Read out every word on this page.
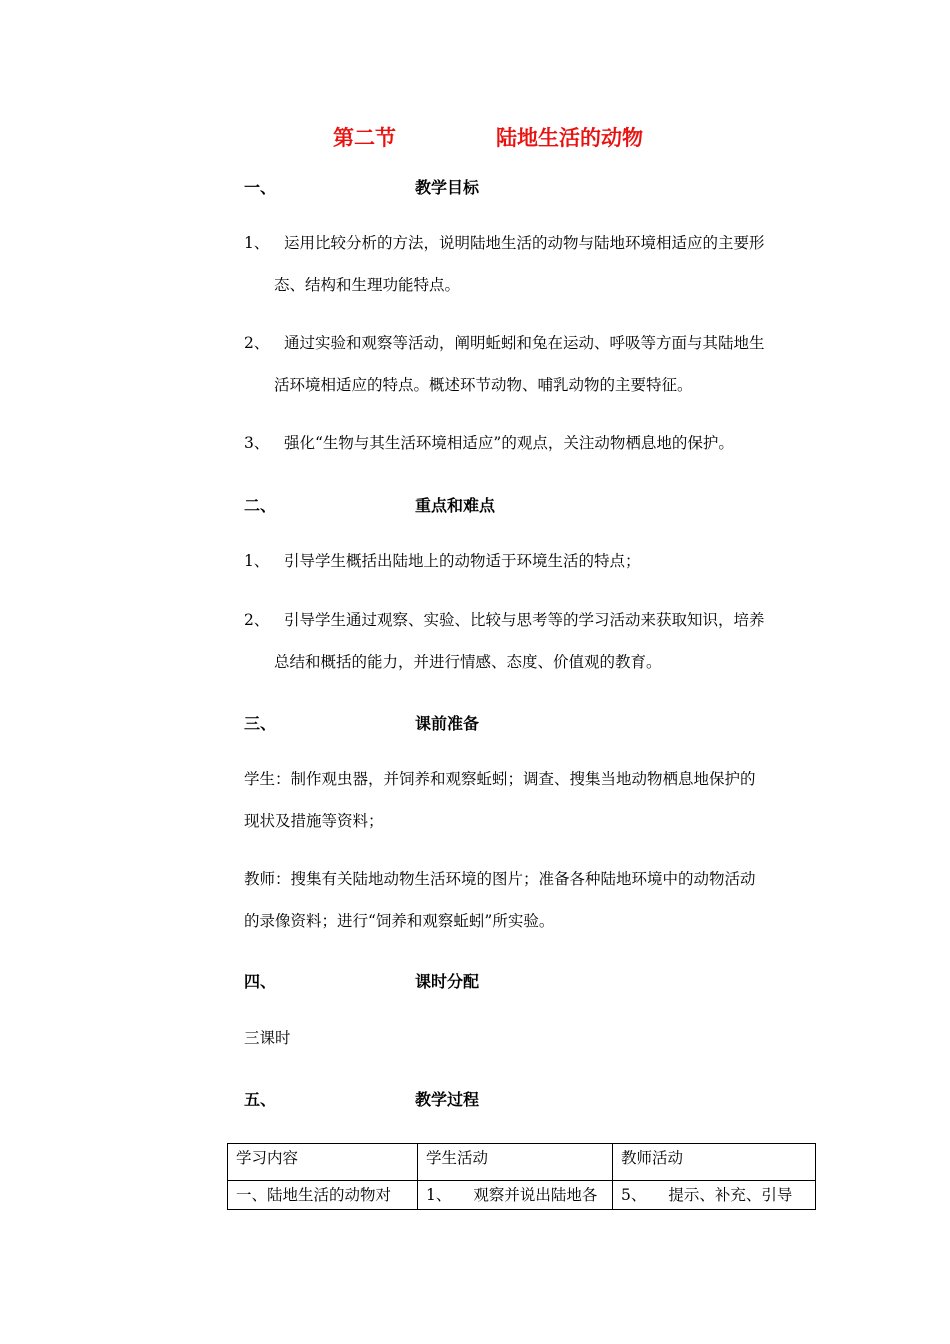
第二节	陆地生活的动物
一、	教学目标
1、 运用比较分析的方法，说明陆地生活的动物与陆地环境相适应的主要形
态、结构和生理功能特点。
2、 通过实验和观察等活动，阐明蚯蚓和兔在运动、呼吸等方面与其陆地生
活环境相适应的特点。概述环节动物、哺乳动物的主要特征。
3、 强化“生物与其生活环境相适应”的观点，关注动物栖息地的保护。
二、	重点和难点
1、 引导学生概括出陆地上的动物适于环境生活的特点；
2、 引导学生通过观察、实验、比较与思考等的学习活动来获取知识，培养
总结和概括的能力，并进行情感、态度、价值观的教育。
三、	课前准备
学生：制作观虫器，并饲养和观察蚯蚓；调查、搜集当地动物栖息地保护的
现状及措施等资料；
教师：搜集有关陆地动物生活环境的图片；准备各种陆地环境中的动物活动
的录像资料；进行“饲养和观察蚯蚓”所实验。
四、	课时分配
三课时
五、	教学过程
学习内容	学生活动	教师活动
一、陆地生活的动物对	1、 观察并说出陆地各	5、 提示、补充、引导
